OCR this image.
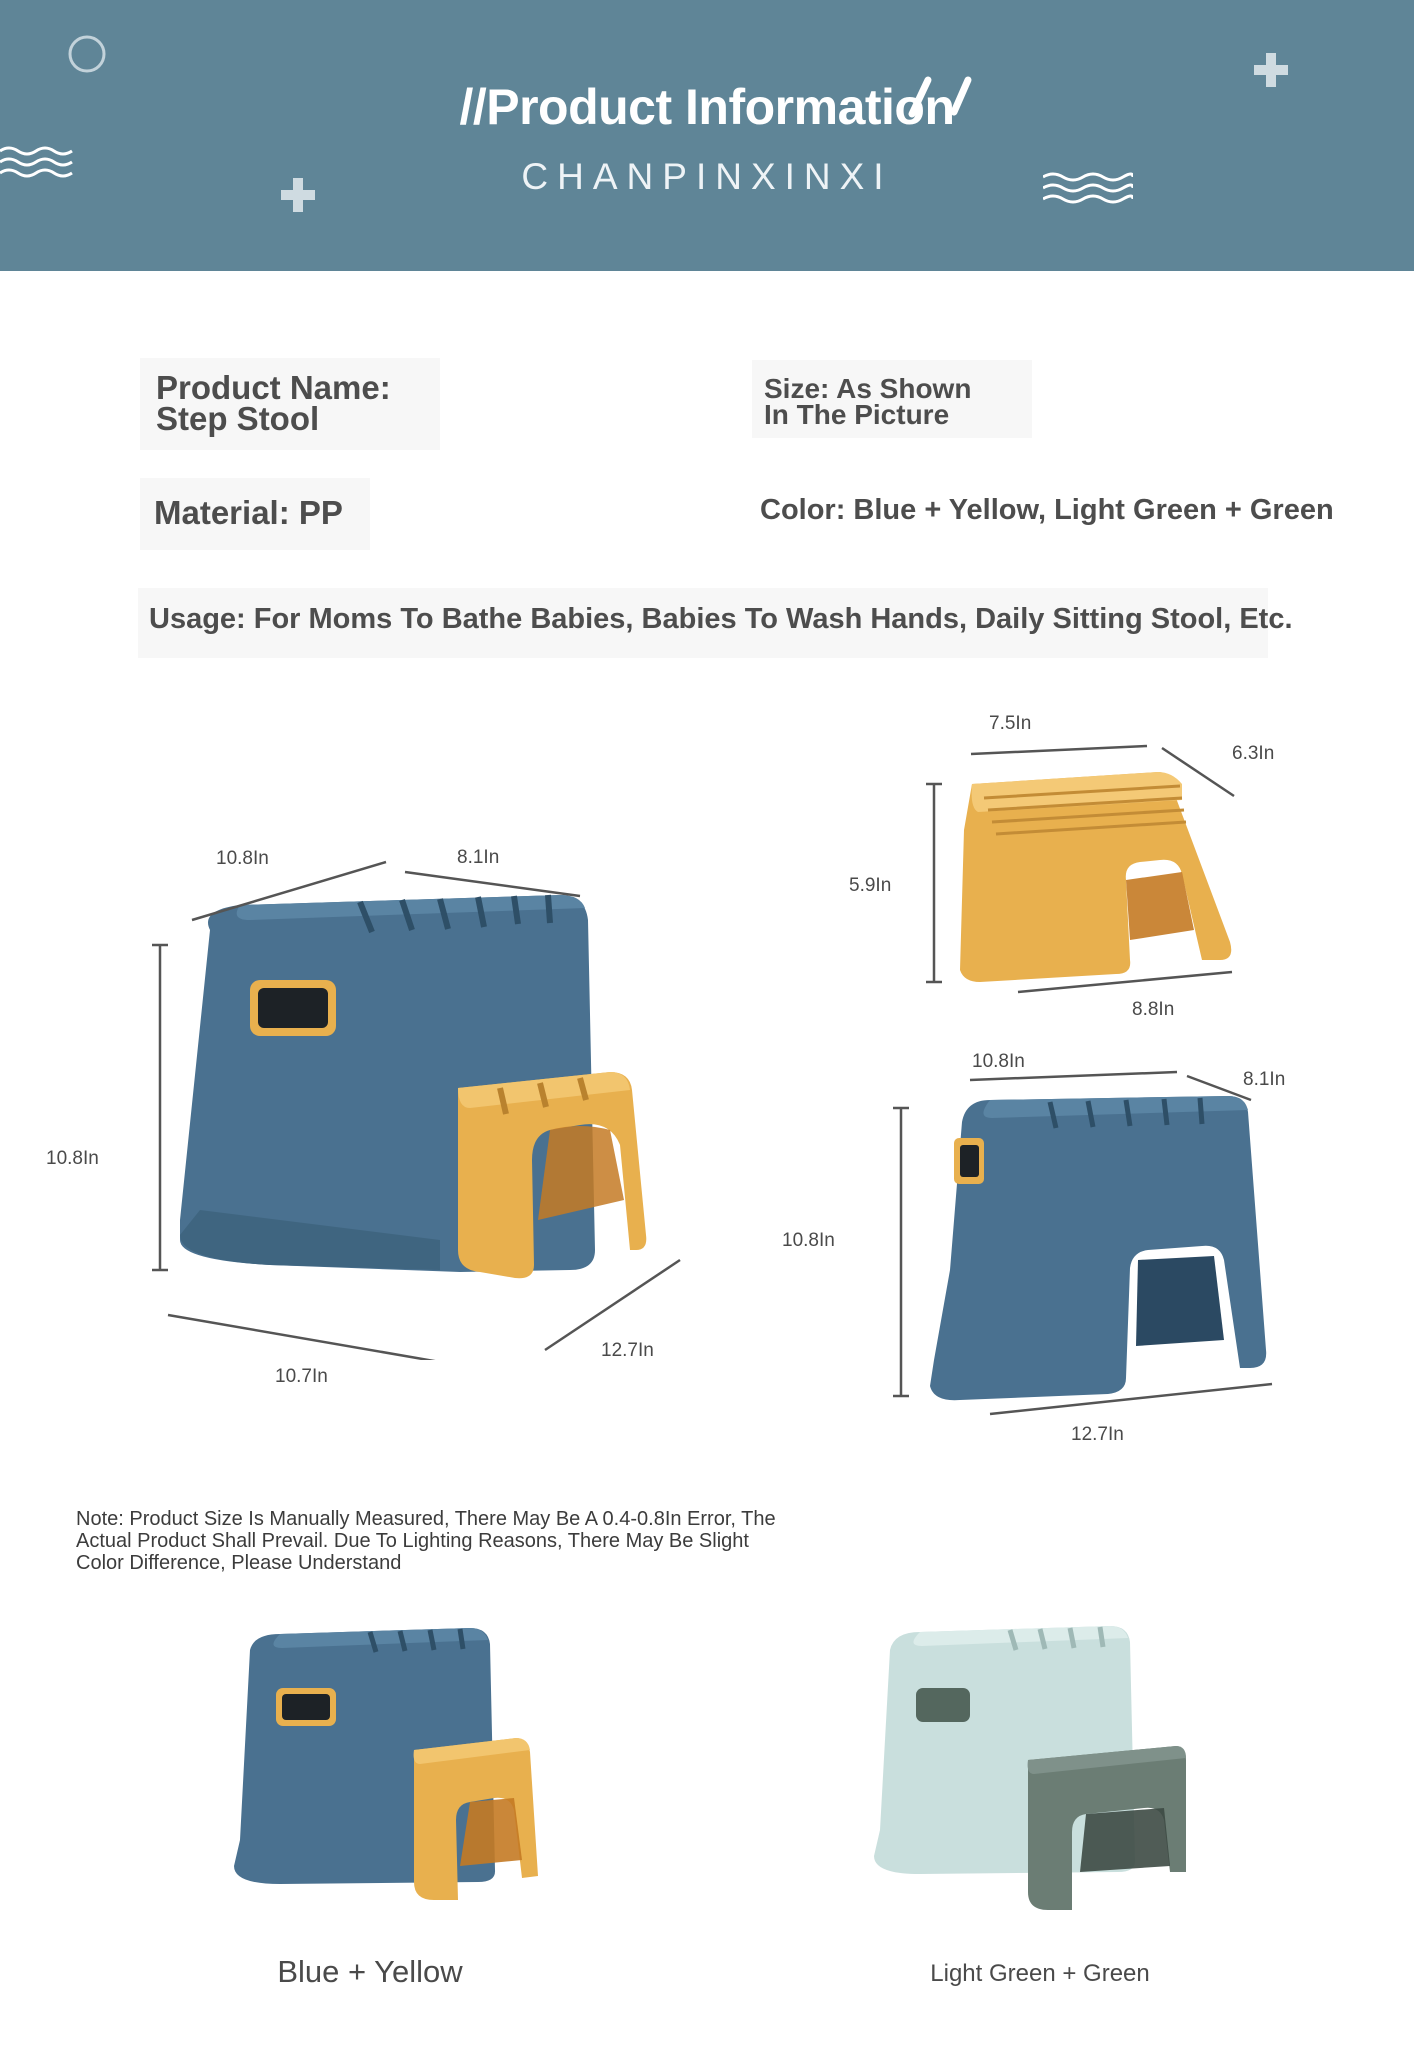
//Product Information
CHANPINXINXI
Product Name:
Step Stool
Size: As Shown
In The Picture
Material: PP	Color: Blue + Yellow, Light Green + Green
Usage: For Moms To Bathe Babies, Babies To Wash Hands, Daily Sitting Stool, Etc.
10.8In	8.1In
10.8In
10.7In
12.7In
7.5In
6.3In
5.9In
8.8In
10.8In
8.1In
10.8In
12.7In
Note: Product Size Is Manually Measured, There May Be A 0.4-0.8In Error, The Actual Product Shall Prevail. Due To Lighting Reasons, There May Be Slight Color Difference, Please Understand
Blue + Yellow	Light Green + Green
